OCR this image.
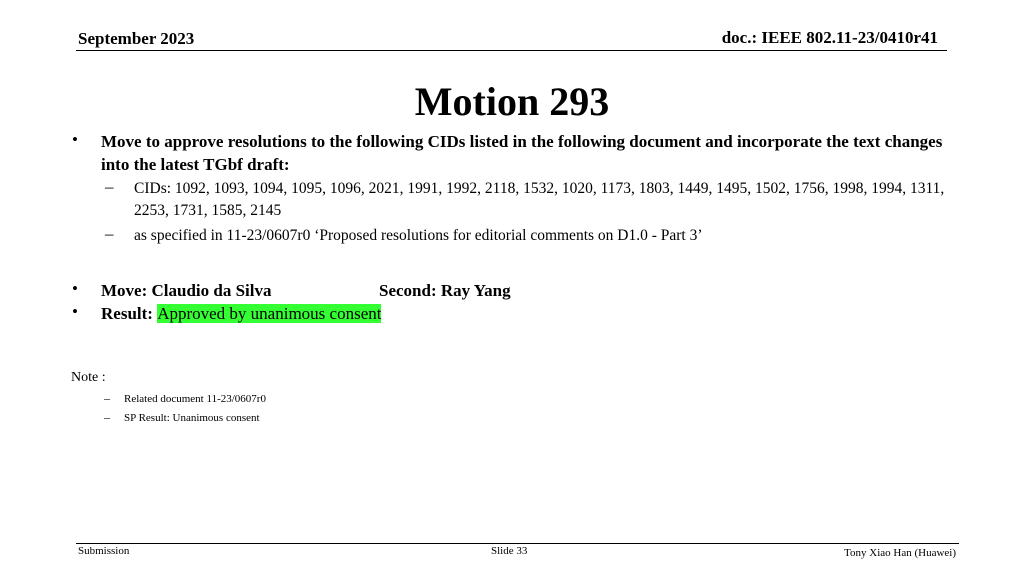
September 2023	doc.: IEEE 802.11-23/0410r41
Motion 293
• Move to approve resolutions to the following CIDs listed in the following document and incorporate the text changes into the latest TGbf draft:
– CIDs: 1092, 1093, 1094, 1095, 1096, 2021, 1991, 1992, 2118, 1532, 1020, 1173, 1803, 1449, 1495, 1502, 1756, 1998, 1994, 1311, 2253, 1731, 1585, 2145
– as specified in 11-23/0607r0 ‘Proposed resolutions for editorial comments on D1.0 - Part 3’
• Move: Claudio da Silva	Second: Ray Yang
• Result: Approved by unanimous consent
Note :
– Related document 11-23/0607r0
– SP Result: Unanimous consent
Submission	Slide 33	Tony Xiao Han (Huawei)
